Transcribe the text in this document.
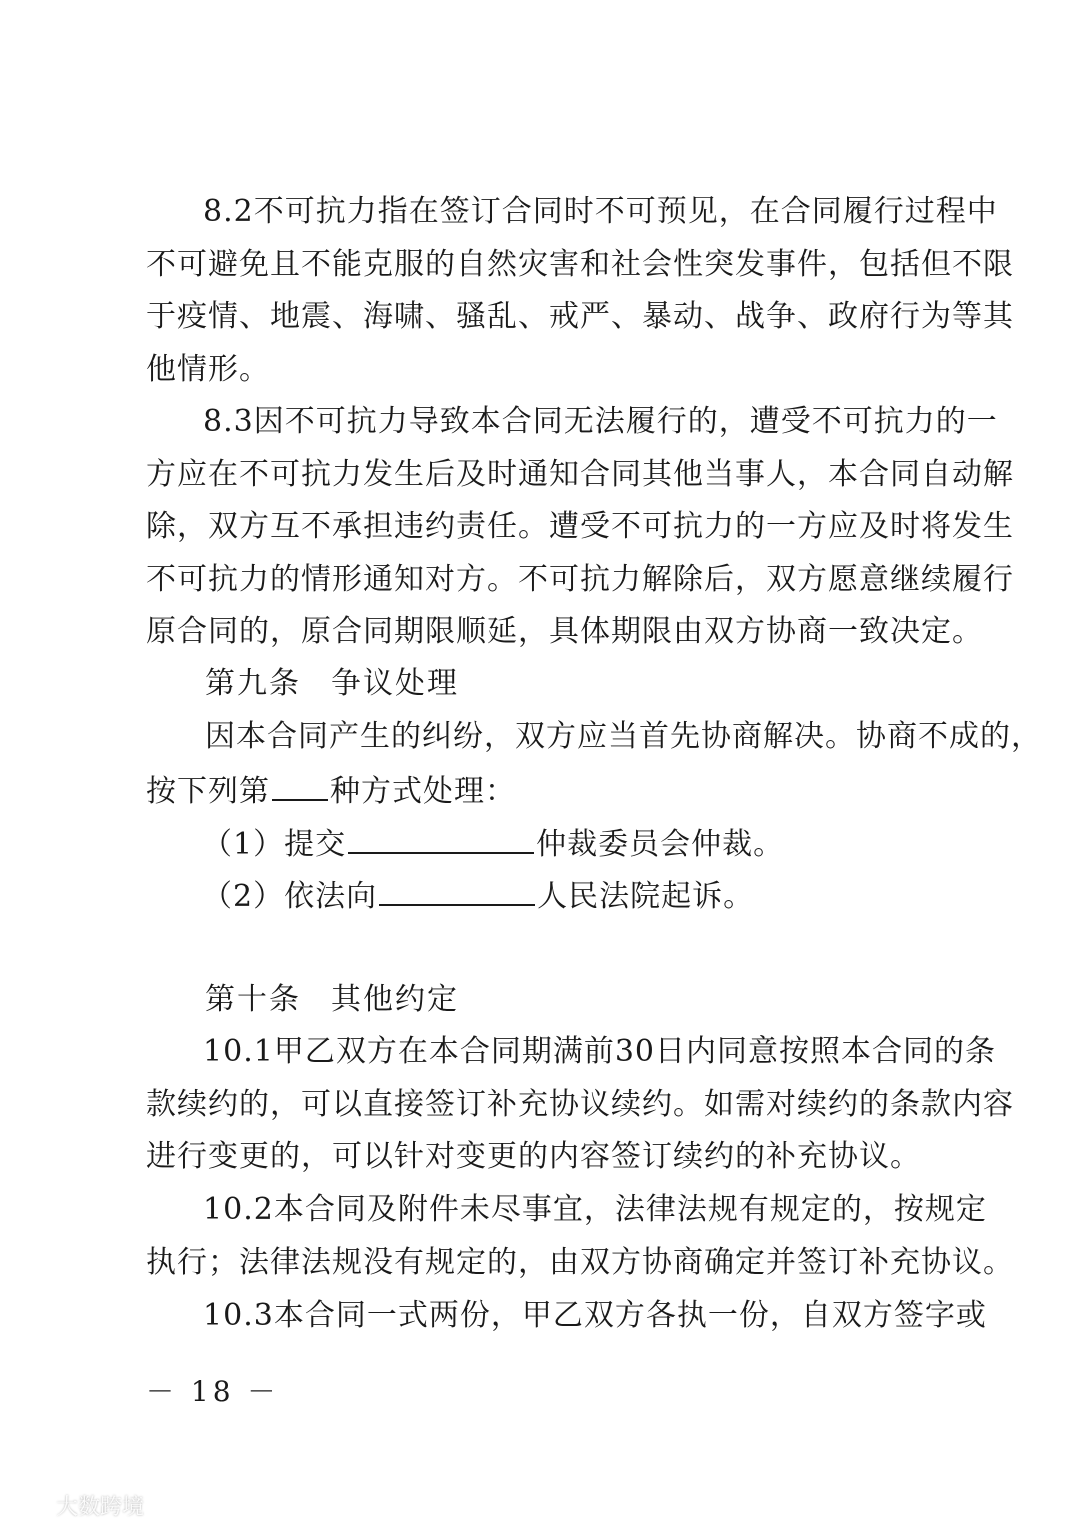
8 . 2 不 可 抗 力 指 在 签 订 合 同 时 不 可 预 见 ， 在 合 同 履 行 过 程 中
不 可 避 免 且 不 能 克 服 的 自 然 灾 害 和 社 会 性 突 发 事 件 ， 包 括 但 不 限
于 疫 情 、 地 震 、 海 啸 、 骚 乱 、 戒 严 、 暴 动 、 战 争 、 政 府 行 为 等 其
他情形。
8 . 3 因 不 可 抗 力 导 致 本 合 同 无 法 履 行 的 ， 遭 受 不 可 抗 力 的 一
方 应 在 不 可 抗 力 发 生 后 及 时 通 知 合 同 其 他 当 事 人 ， 本 合 同 自 动 解
除 ， 双 方 互 不 承 担 违 约 责 任 。 遭 受 不 可 抗 力 的 一 方 应 及 时 将 发 生
不 可 抗 力 的 情 形 通 知 对 方 。 不 可 抗 力 解 除 后 ， 双 方 愿 意 继 续 履 行
原合同的，原合同期限顺延，具体期限由双方协商一致决定。
第九条 争议处理
因本合同产生的纠纷，双方应当首先协商解决。协商不成的，
按下列第 种方式处理：
（1）提交	仲裁委员会仲裁。
（2）依法向	人民法院起诉。
第十条 其他约定
1 0 . 1 甲 乙 双 方 在 本 合 同 期 满 前 3 0 日 内 同 意 按 照 本 合 同 的 条
款 续 约 的 ， 可 以 直 接 签 订 补 充 协 议 续 约 。 如 需 对 续 约 的 条 款 内 容
进行变更的，可以针对变更的内容签订续约的补充协议。
1 0 . 2 本 合 同 及 附 件 未 尽 事 宜 ， 法 律 法 规 有 规 定 的 ， 按 规 定
执 行 ； 法 律 法 规 没 有 规 定 的 ， 由 双 方 协 商 确 定 并 签 订 补 充 协 议 。
1 0 . 3 本 合 同 一 式 两 份 ， 甲 乙 双 方 各 执 一 份 ， 自 双 方 签 字 或
－ 18 －
大数跨境
